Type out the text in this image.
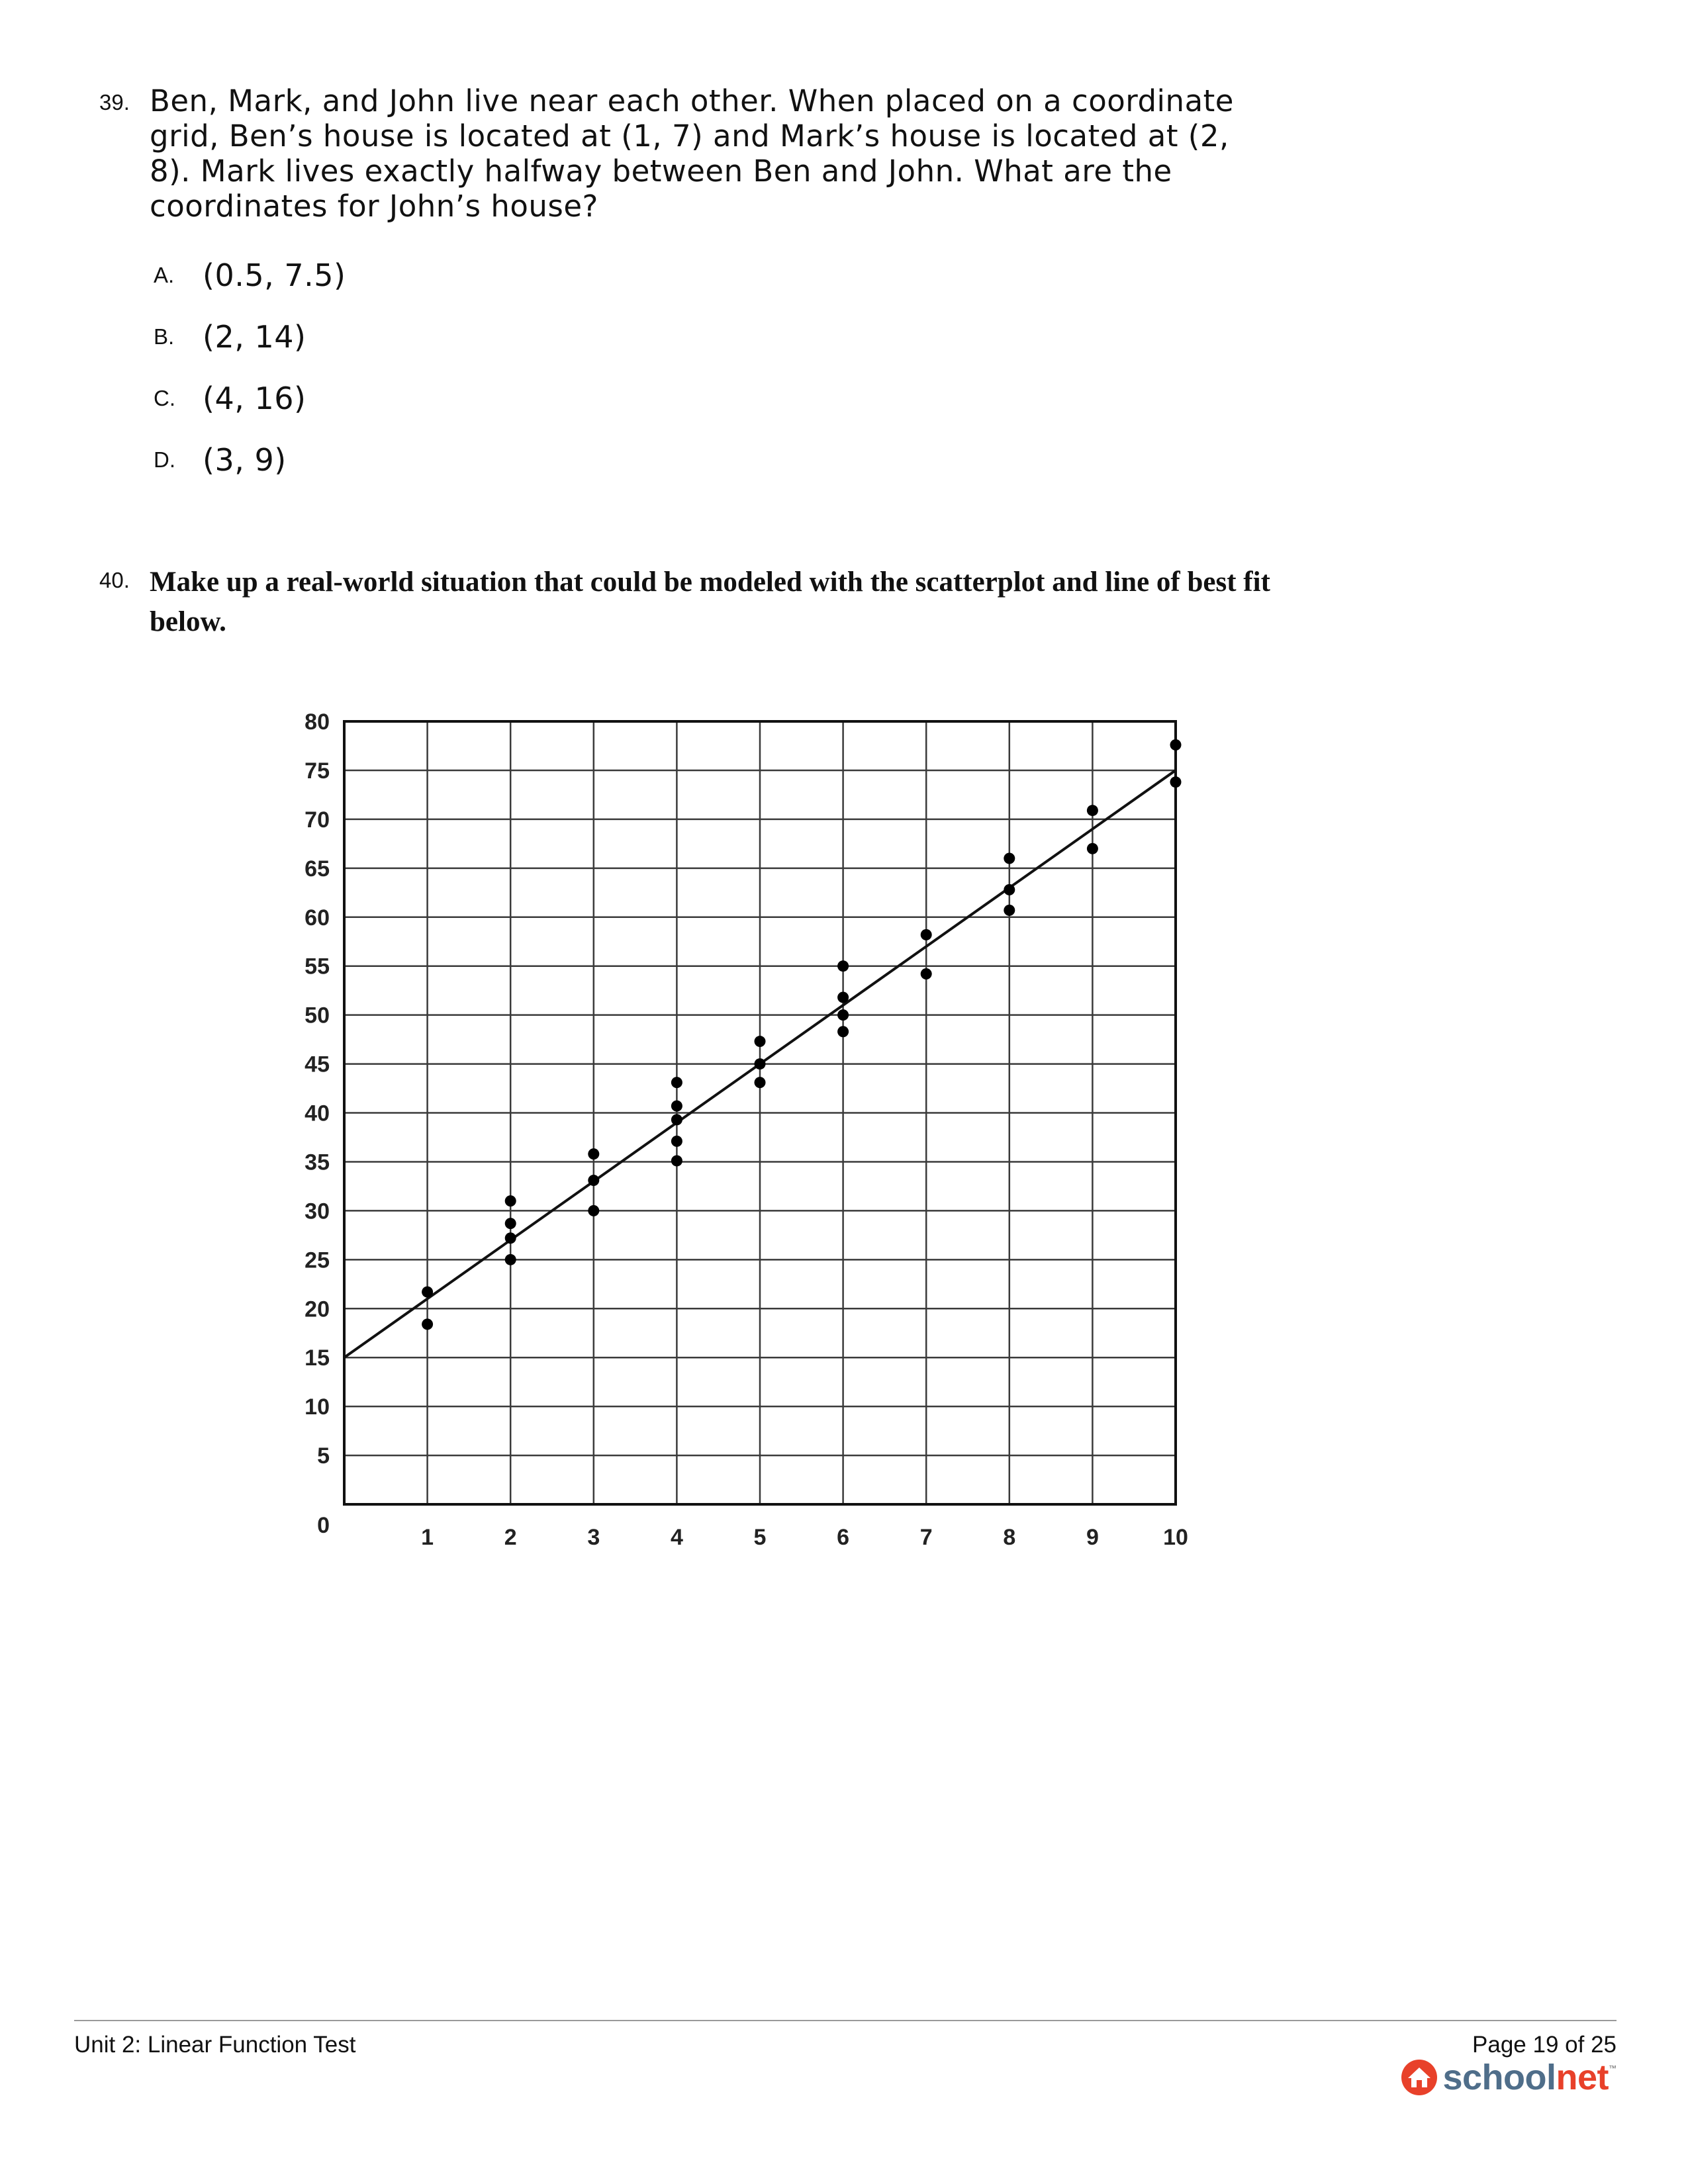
39. Ben, Mark, and John live near each other. When placed on a coordinate
grid, Ben’s house is located at (1, 7) and Mark’s house is located at (2,
8). Mark lives exactly halfway between Ben and John. What are the
coordinates for John’s house?
A. (0.5, 7.5)
B. (2, 14)
C. (4, 16)
D. (3, 9)
40. Make up a real-world situation that could be modeled with the scatterplot and line of best fit
below.
1	2	3	4	5	6	7	8	9	10
5
10
15
20
25
30
35
40
45
50
55
60
65
70
75
80
0
Unit 2: Linear Function Test	Page 19 of 25
schoolnet ™
